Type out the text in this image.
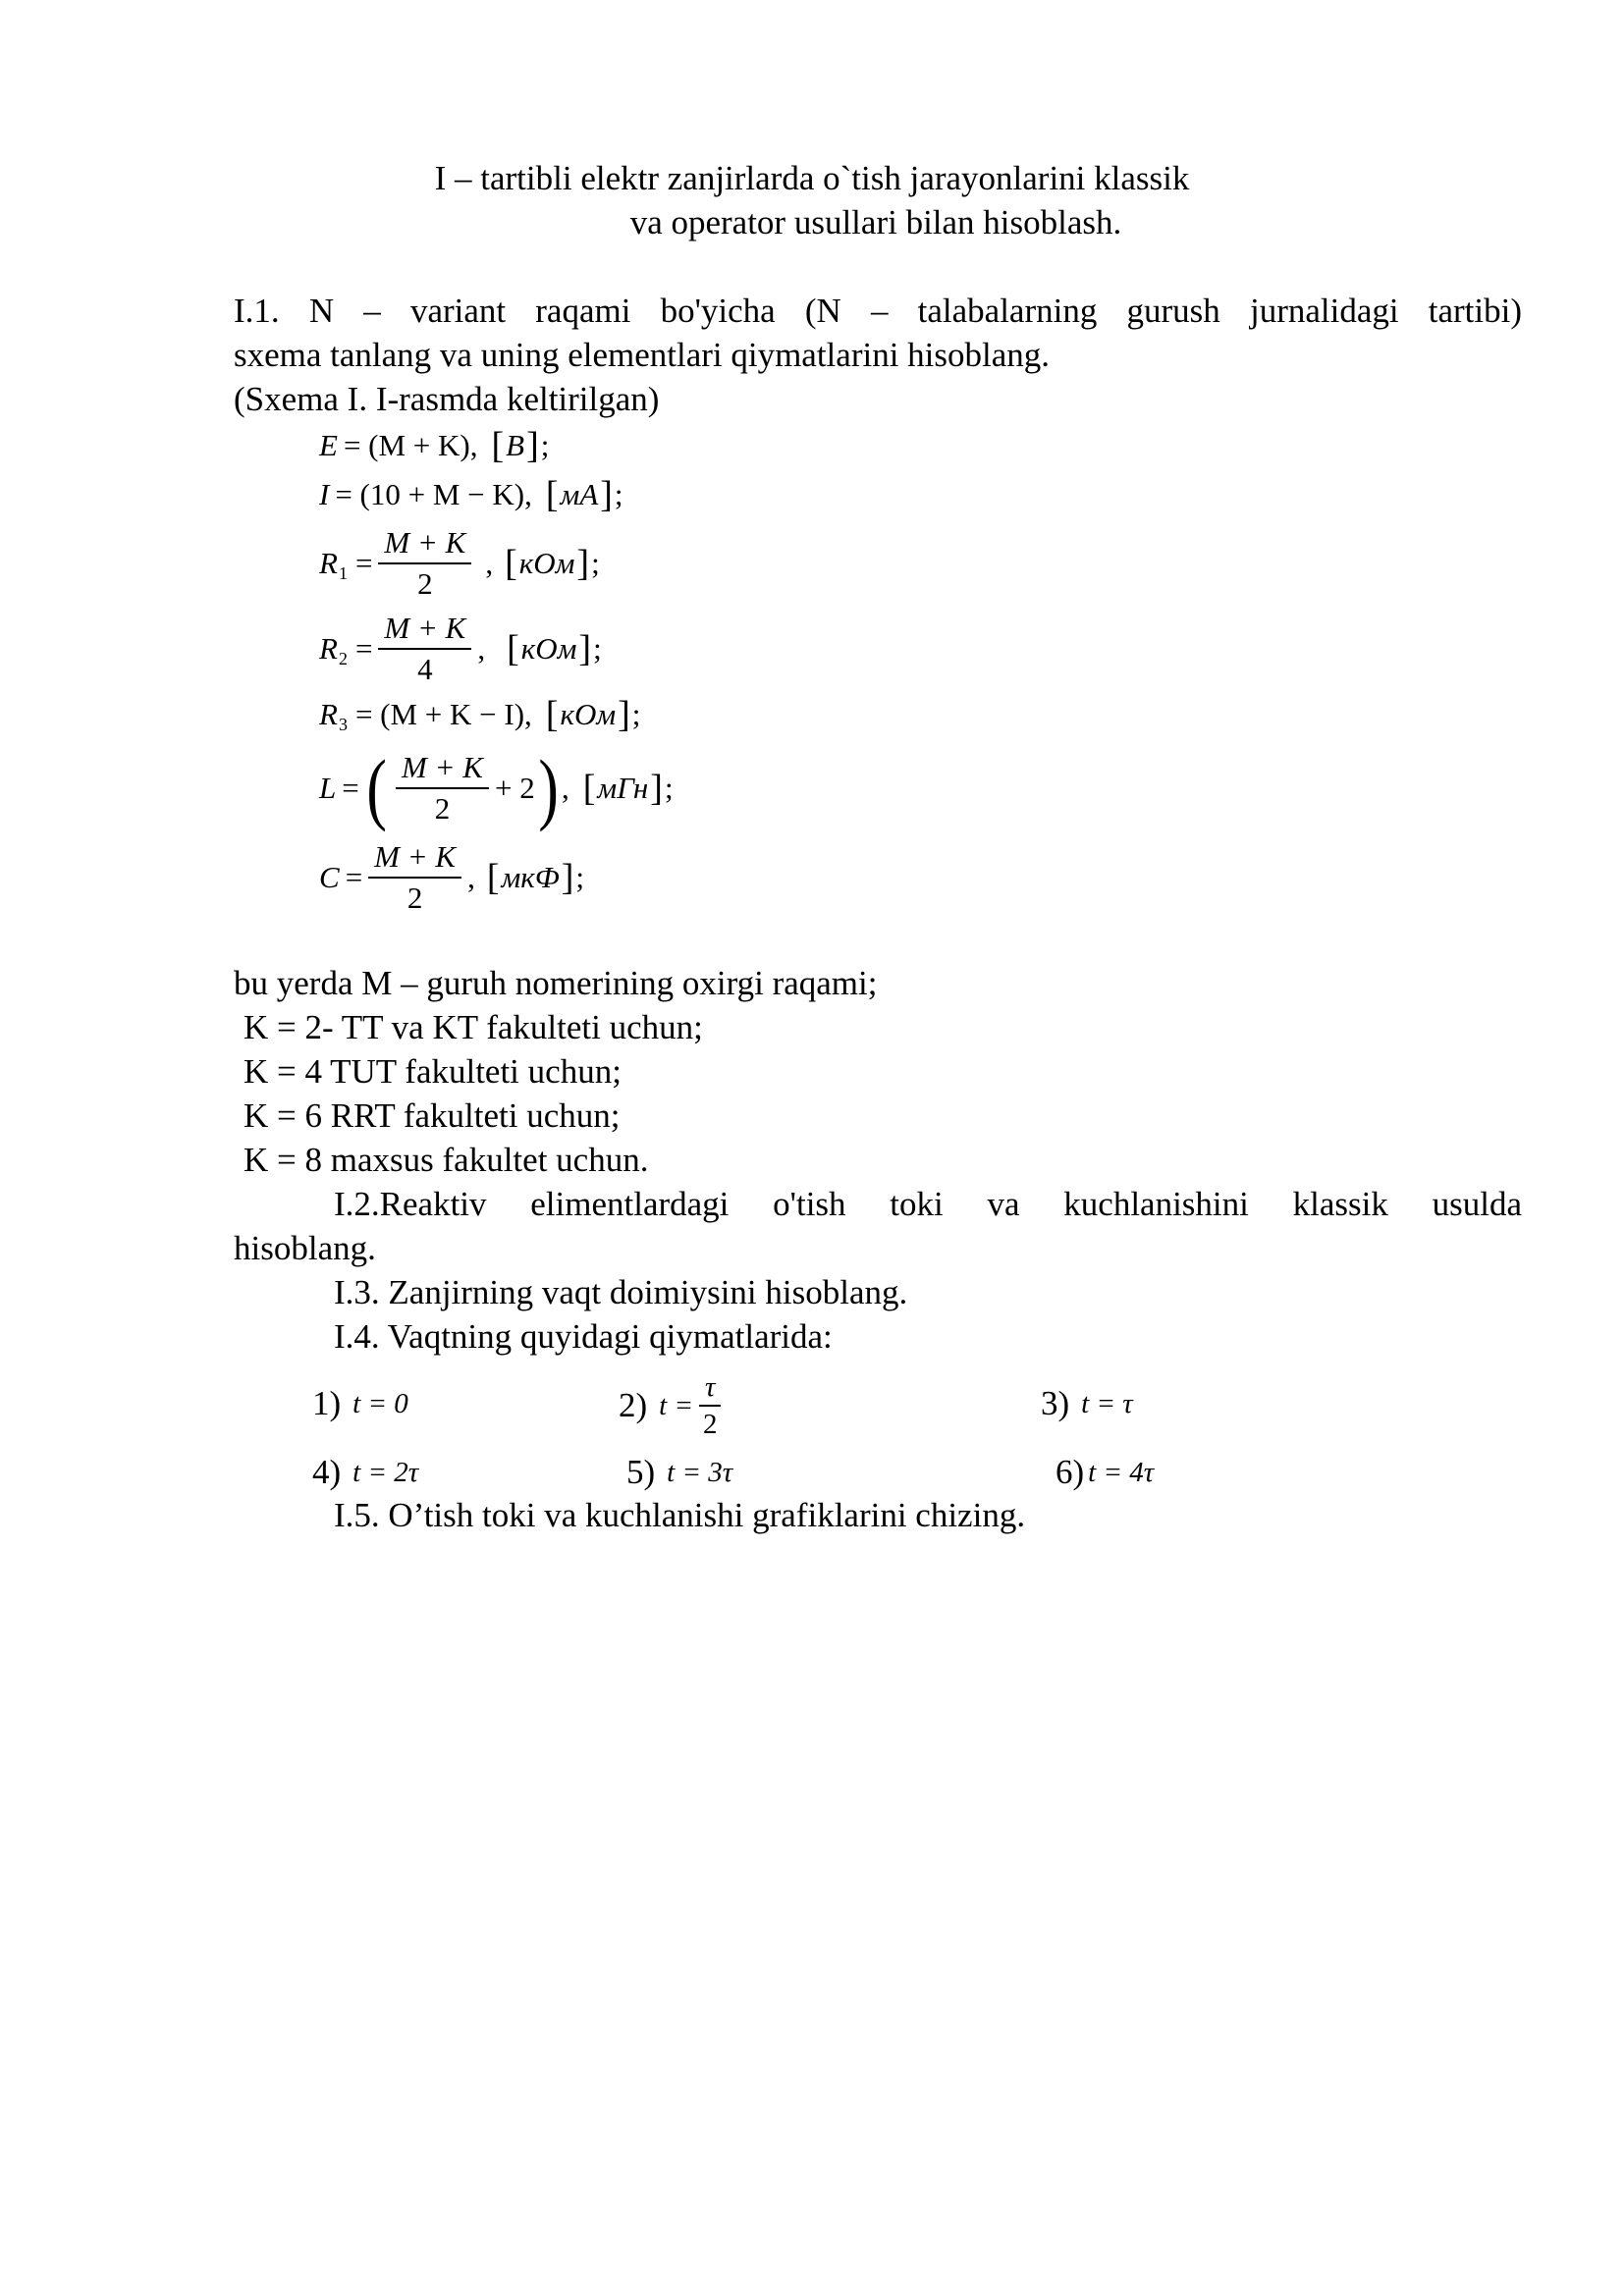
I – tartibli elektr zanjirlarda o`tish jarayonlarini klassik
va operator usullari bilan hisoblash.
I.1. N – variant raqami bo'yicha (N – talabalarning gurush jurnalidagi tartibi)
sxema tanlang va uning elementlari qiymatlarini hisoblang.
(Sxema I. I-rasmda keltirilgan)
E = (M + K), [ В ] ;
I = (10 + M − K), [ мА ] ;
R $1 = \frac{M + K}{2}$ , [ кОм ] ;
R $2 = \frac{M + K}{4}$ , [ кОм ] ;
R 3 = (M + K − I), [ кОм ] ;
L = ( $\frac{M + K}{2} + 2$ ) , [ мГн ] ;
$C = \frac{M + K}{2}$ , [ мкФ ] ;
bu yerda M – guruh nomerining oxirgi raqami;
K = 2- TT va KT fakulteti uchun;
K = 4 TUT fakulteti uchun;
K = 6 RRT fakulteti uchun;
K = 8 maxsus fakultet uchun.
I.2.Reaktiv elimentlardagi o'tish toki va kuchlanishini klassik usulda
hisoblang.
I.3. Zanjirning vaqt doimiysini hisoblang.
I.4. Vaqtning quyidagi qiymatlarida:
1) t = 0	2) $t = \frac{\tau}{2}$	3) t = τ
4) t = 2τ	5) t = 3τ	6) t = 4τ
I.5. O’tish toki va kuchlanishi grafiklarini chizing.
